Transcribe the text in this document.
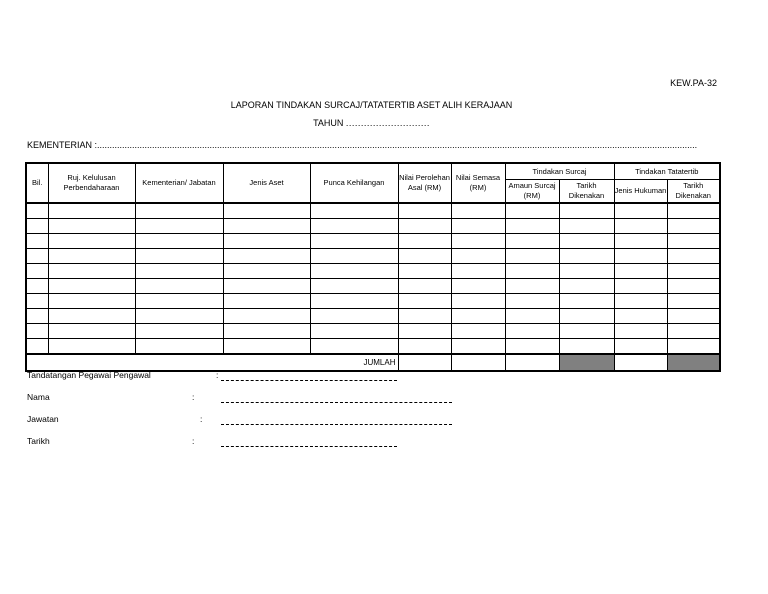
KEW.PA-32
LAPORAN TINDAKAN SURCAJ/TATATERTIB ASET ALIH KERAJAAN
TAHUN ............................
KEMENTERIAN :................................................................................................................................................................................................................................................
Bil.	Ruj. Kelulusan Perbendaharaan	Kementerian/ Jabatan	Jenis Aset	Punca Kehilangan	Nilai Perolehan Asal (RM)	Nilai Semasa (RM)	Tindakan Surcaj		Tindakan Tatatertib	
							Amaun Surcaj (RM)	Tarikh Dikenakan	Jenis Hukuman	Tarikh Dikenakan

JUMLAH										
Tandatangan Pegawai Pengawal	:
Nama	:
Jawatan	:
Tarikh	:
